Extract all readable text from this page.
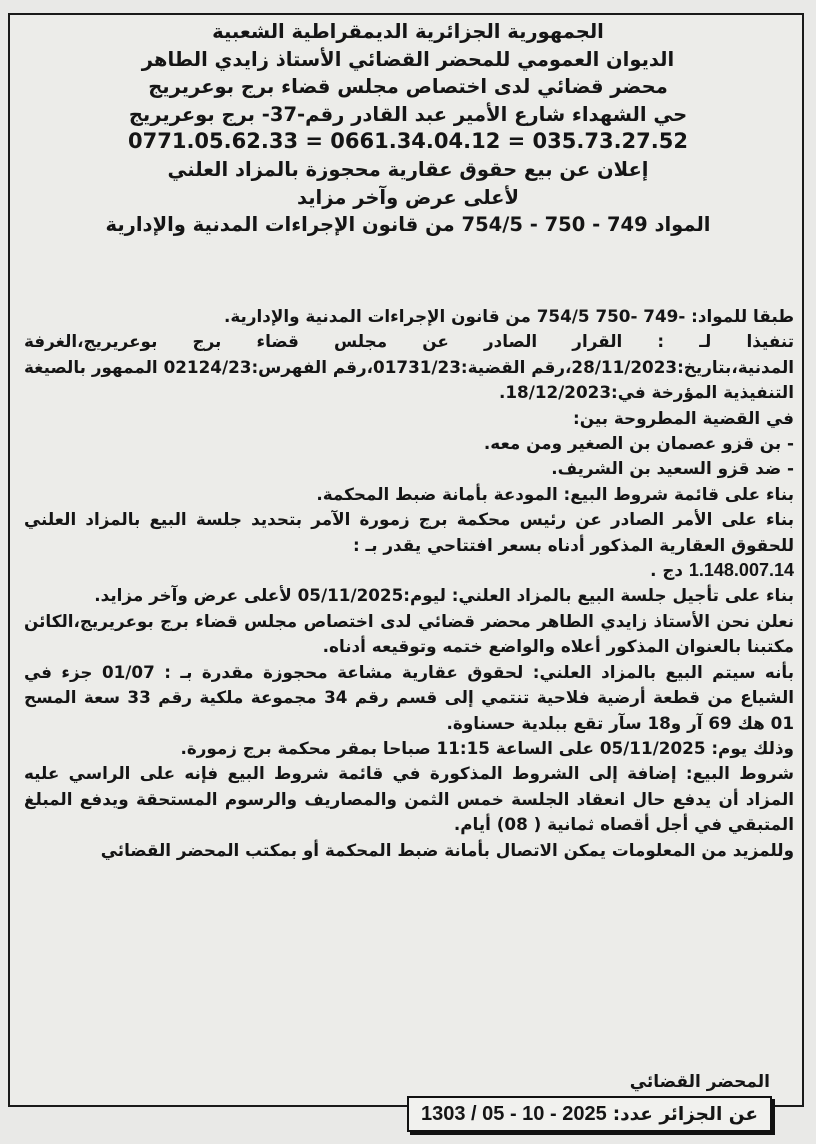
الجمهورية الجزائرية الديمقراطية الشعبية
الديوان العمومي للمحضر القضائي الأستاذ زايدي الطاهر
محضر قضائي لدى اختصاص مجلس قضاء برج بوعريريج
حي الشهداء شارع الأمير عبد القادر رقم-37- برج بوعريريج
0771.05.62.33 = 0661.34.04.12 = 035.73.27.52
إعلان عن بيع حقوق عقارية محجوزة بالمزاد العلني
لأعلى عرض وآخر مزايد
المواد 749 - 750 - 754/5 من قانون الإجراءات المدنية والإدارية

طبقا للمواد: -749 -750 754/5 من قانون الإجراءات المدنية والإدارية.

تنفيذا لـ : القرار الصادر عن مجلس قضاء برج بوعريريج،الغرفة المدنية،بتاريخ:28/11/2023،رقم القضية:01731/23،رقم الفهرس:02124/23 الممهور بالصيغة التنفيذية المؤرخة في:18/12/2023.

في القضية المطروحة بين:

- بن قزو عصمان بن الصغير ومن معه.

- ضد قزو السعيد بن الشريف.

بناء على قائمة شروط البيع: المودعة بأمانة ضبط المحكمة.

بناء على الأمر الصادر عن رئيس محكمة برج زمورة الآمر بتحديد جلسة البيع بالمزاد العلني للحقوق العقارية المذكور أدناه بسعر افتتاحي يقدر بـ :

1.148.007.14 دج .

بناء على تأجيل جلسة البيع بالمزاد العلني: ليوم:05/11/2025 لأعلى عرض وآخر مزايد.

نعلن نحن الأستاذ زايدي الطاهر محضر قضائي لدى اختصاص مجلس قضاء برج بوعريريج،الكائن مكتبنا بالعنوان المذكور أعلاه والواضع ختمه وتوقيعه أدناه.

بأنه سيتم البيع بالمزاد العلني: لحقوق عقارية مشاعة محجوزة مقدرة بـ : 01/07 جزء في الشياع من قطعة أرضية فلاحية تنتمي إلى قسم رقم 34 مجموعة ملكية رقم 33 سعة المسح 01 هك 69 آر و18 سآر تقع ببلدية حسناوة.

وذلك يوم: 05/11/2025 على الساعة 11:15 صباحا بمقر محكمة برج زمورة.

شروط البيع: إضافة إلى الشروط المذكورة في قائمة شروط البيع فإنه على الراسي عليه المزاد أن يدفع حال انعقاد الجلسة خمس الثمن والمصاريف والرسوم المستحقة ويدفع المبلغ المتبقي في أجل أقصاه ثمانية ( 08) أيام.

وللمزيد من المعلومات يمكن الاتصال بأمانة ضبط المحكمة أو بمكتب المحضر القضائي

المحضر القضائي
عن الجزائر عدد:
1303 / 05 - 10 - 2025
